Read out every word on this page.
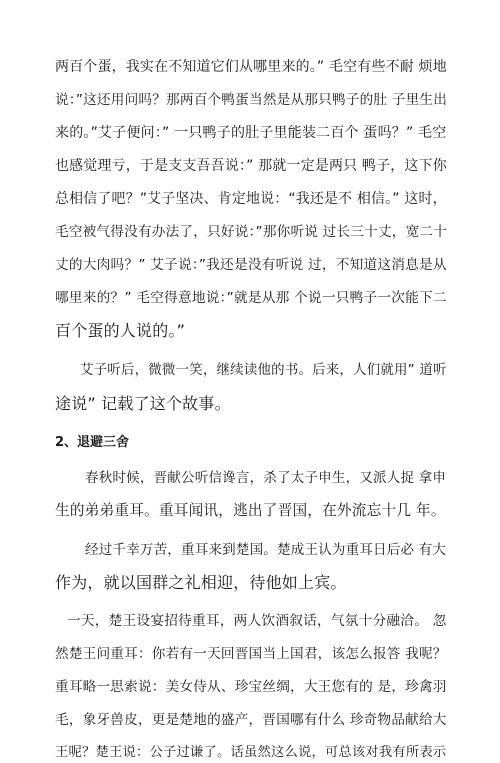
两百个蛋，我实在不知道它们从哪里来的。” 毛空有些不耐 烦地
说：”这还用问吗？那两百个鸭蛋当然是从那只鸭子的肚 子里生出
来的。”艾子便问：” 一只鸭子的肚子里能装二百个 蛋吗？” 毛空
也感觉理亏，于是支支吾吾说：” 那就一定是两只 鸭子，这下你
总相信了吧？”艾子坚决、肯定地说：“我还是不 相信。” 这时，
毛空被气得没有办法了，只好说：”那你听说 过长三十丈，宽二十
丈的大肉吗？” 艾子说：”我还是没有听说 过，不知道这消息是从
哪里来的？” 毛空得意地说：”就是从那 个说一只鸭子一次能下二
百个蛋的人说的。”
艾子听后，微微一笑，继续读他的书。后来，人们就用” 道听
途说” 记载了这个故事。
2、退避三舍
春秋时候，晋献公听信谗言，杀了太子申生，又派人捉 拿申
生的弟弟重耳。重耳闻讯，逃出了晋国，在外流忘十几 年。
经过千幸万苦，重耳来到楚国。楚成王认为重耳日后必 有大
作为，就以国群之礼相迎，待他如上宾。
一天，楚王设宴招待重耳，两人饮酒叙话，气氛十分融洽。 忽
然楚王问重耳：你若有一天回晋国当上国君，该怎么报答 我呢？
重耳略一思索说：美女侍从、珍宝丝绸，大王您有的 是，珍禽羽
毛，象牙兽皮，更是楚地的盛产，晋国哪有什么 珍奇物品献给大
王呢？楚王说：公子过谦了。话虽然这么说，可总该对我有所表示
